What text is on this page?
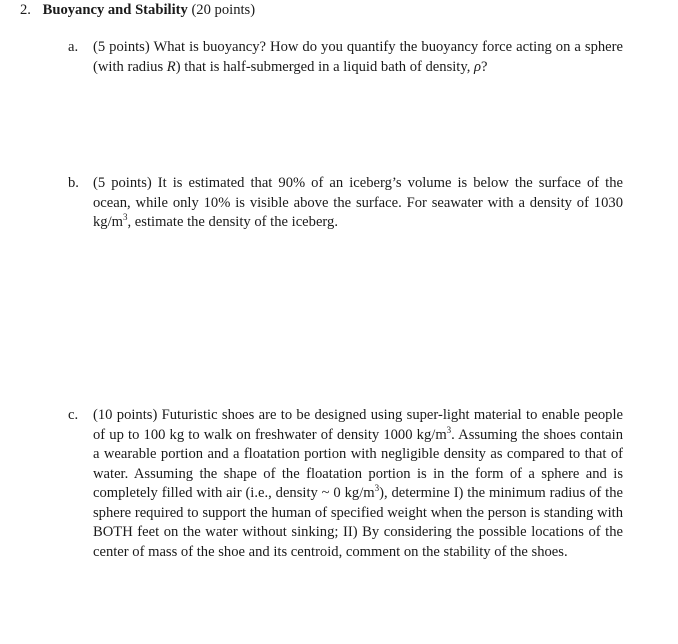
2. Buoyancy and Stability (20 points)
a. (5 points) What is buoyancy? How do you quantify the buoyancy force acting on a sphere (with radius R) that is half-submerged in a liquid bath of density, ρ?
b. (5 points) It is estimated that 90% of an iceberg’s volume is below the surface of the ocean, while only 10% is visible above the surface. For seawater with a density of 1030 $kg/m^3$, estimate the density of the iceberg.
c. (10 points) Futuristic shoes are to be designed using super-light material to enable people of up to 100 kg to walk on freshwater of density 1000 $kg/m^3$. Assuming the shoes contain a wearable portion and a floatation portion with negligible density as compared to that of water. Assuming the shape of the floatation portion is in the form of a sphere and is completely filled with air (i.e., density ~ 0 $kg/m^3$), determine I) the minimum radius of the sphere required to support the human of specified weight when the person is standing with BOTH feet on the water without sinking; II) By considering the possible locations of the center of mass of the shoe and its centroid, comment on the stability of the shoes.
